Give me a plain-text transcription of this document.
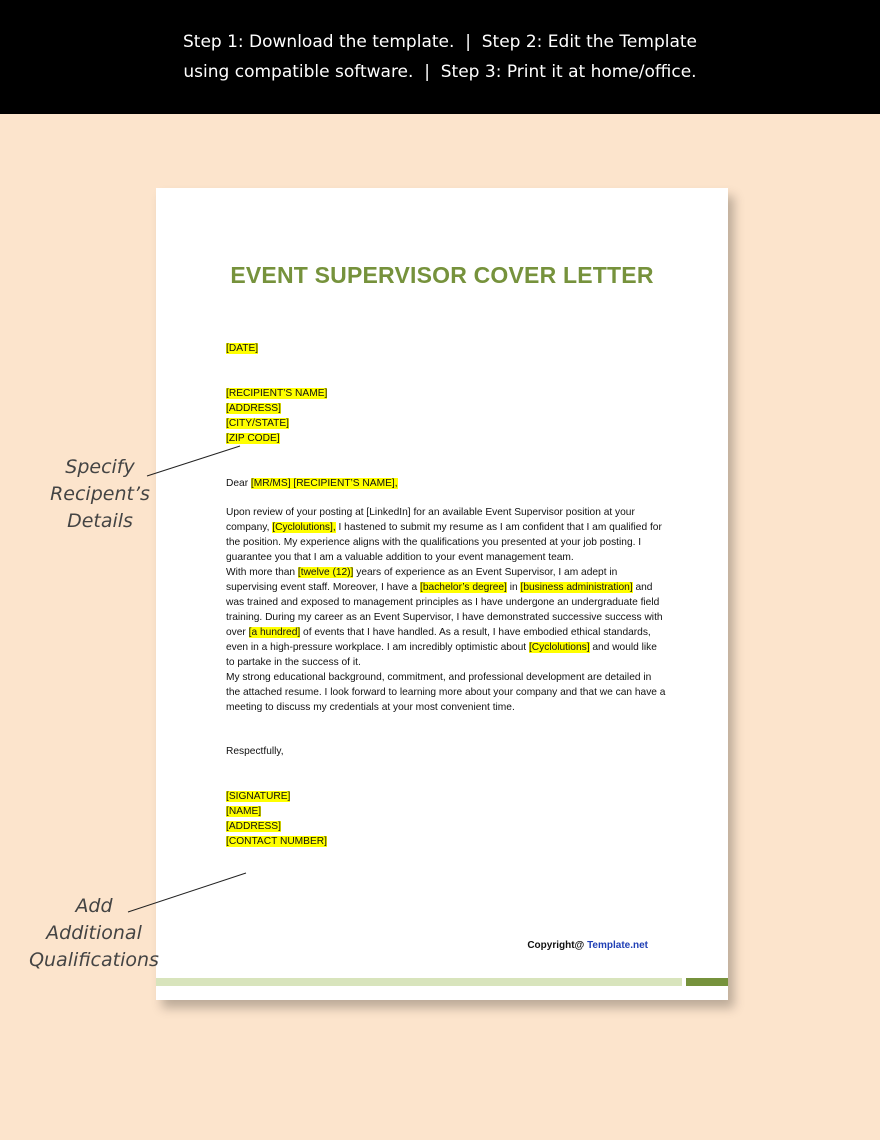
Step 1: Download the template.  |  Step 2: Edit the Template
using compatible software.  |  Step 3: Print it at home/office.
EVENT SUPERVISOR COVER LETTER

[DATE]

[RECIPIENT’S NAME]

[ADDRESS]

[CITY/STATE]

[ZIP CODE]

Dear [MR/MS] [RECIPIENT’S NAME],

Upon review of your posting at [LinkedIn] for an available Event Supervisor position at your company, [Cyclolutions], I hastened to submit my resume as I am confident that I am qualified for the position. My experience aligns with the qualifications you presented at your job posting. I guarantee you that I am a valuable addition to your event management team.

With more than [twelve (12)] years of experience as an Event Supervisor, I am adept in supervising event staff. Moreover, I have a [bachelor’s degree] in [business administration] and was trained and exposed to management principles as I have undergone an undergraduate field training. During my career as an Event Supervisor, I have demonstrated successive success with over [a hundred] of events that I have handled. As a result, I have embodied ethical standards, even in a high-pressure workplace. I am incredibly optimistic about [Cyclolutions] and would like to partake in the success of it.

My strong educational background, commitment, and professional development are detailed in the attached resume. I look forward to learning more about your company and that we can have a meeting to discuss my credentials at your most convenient time.

Respectfully,

[SIGNATURE]

[NAME]

[ADDRESS]

[CONTACT NUMBER]

Copyright@ Template.net
Specify
Recipent’s
Details
Add
Additional
Qualifications
